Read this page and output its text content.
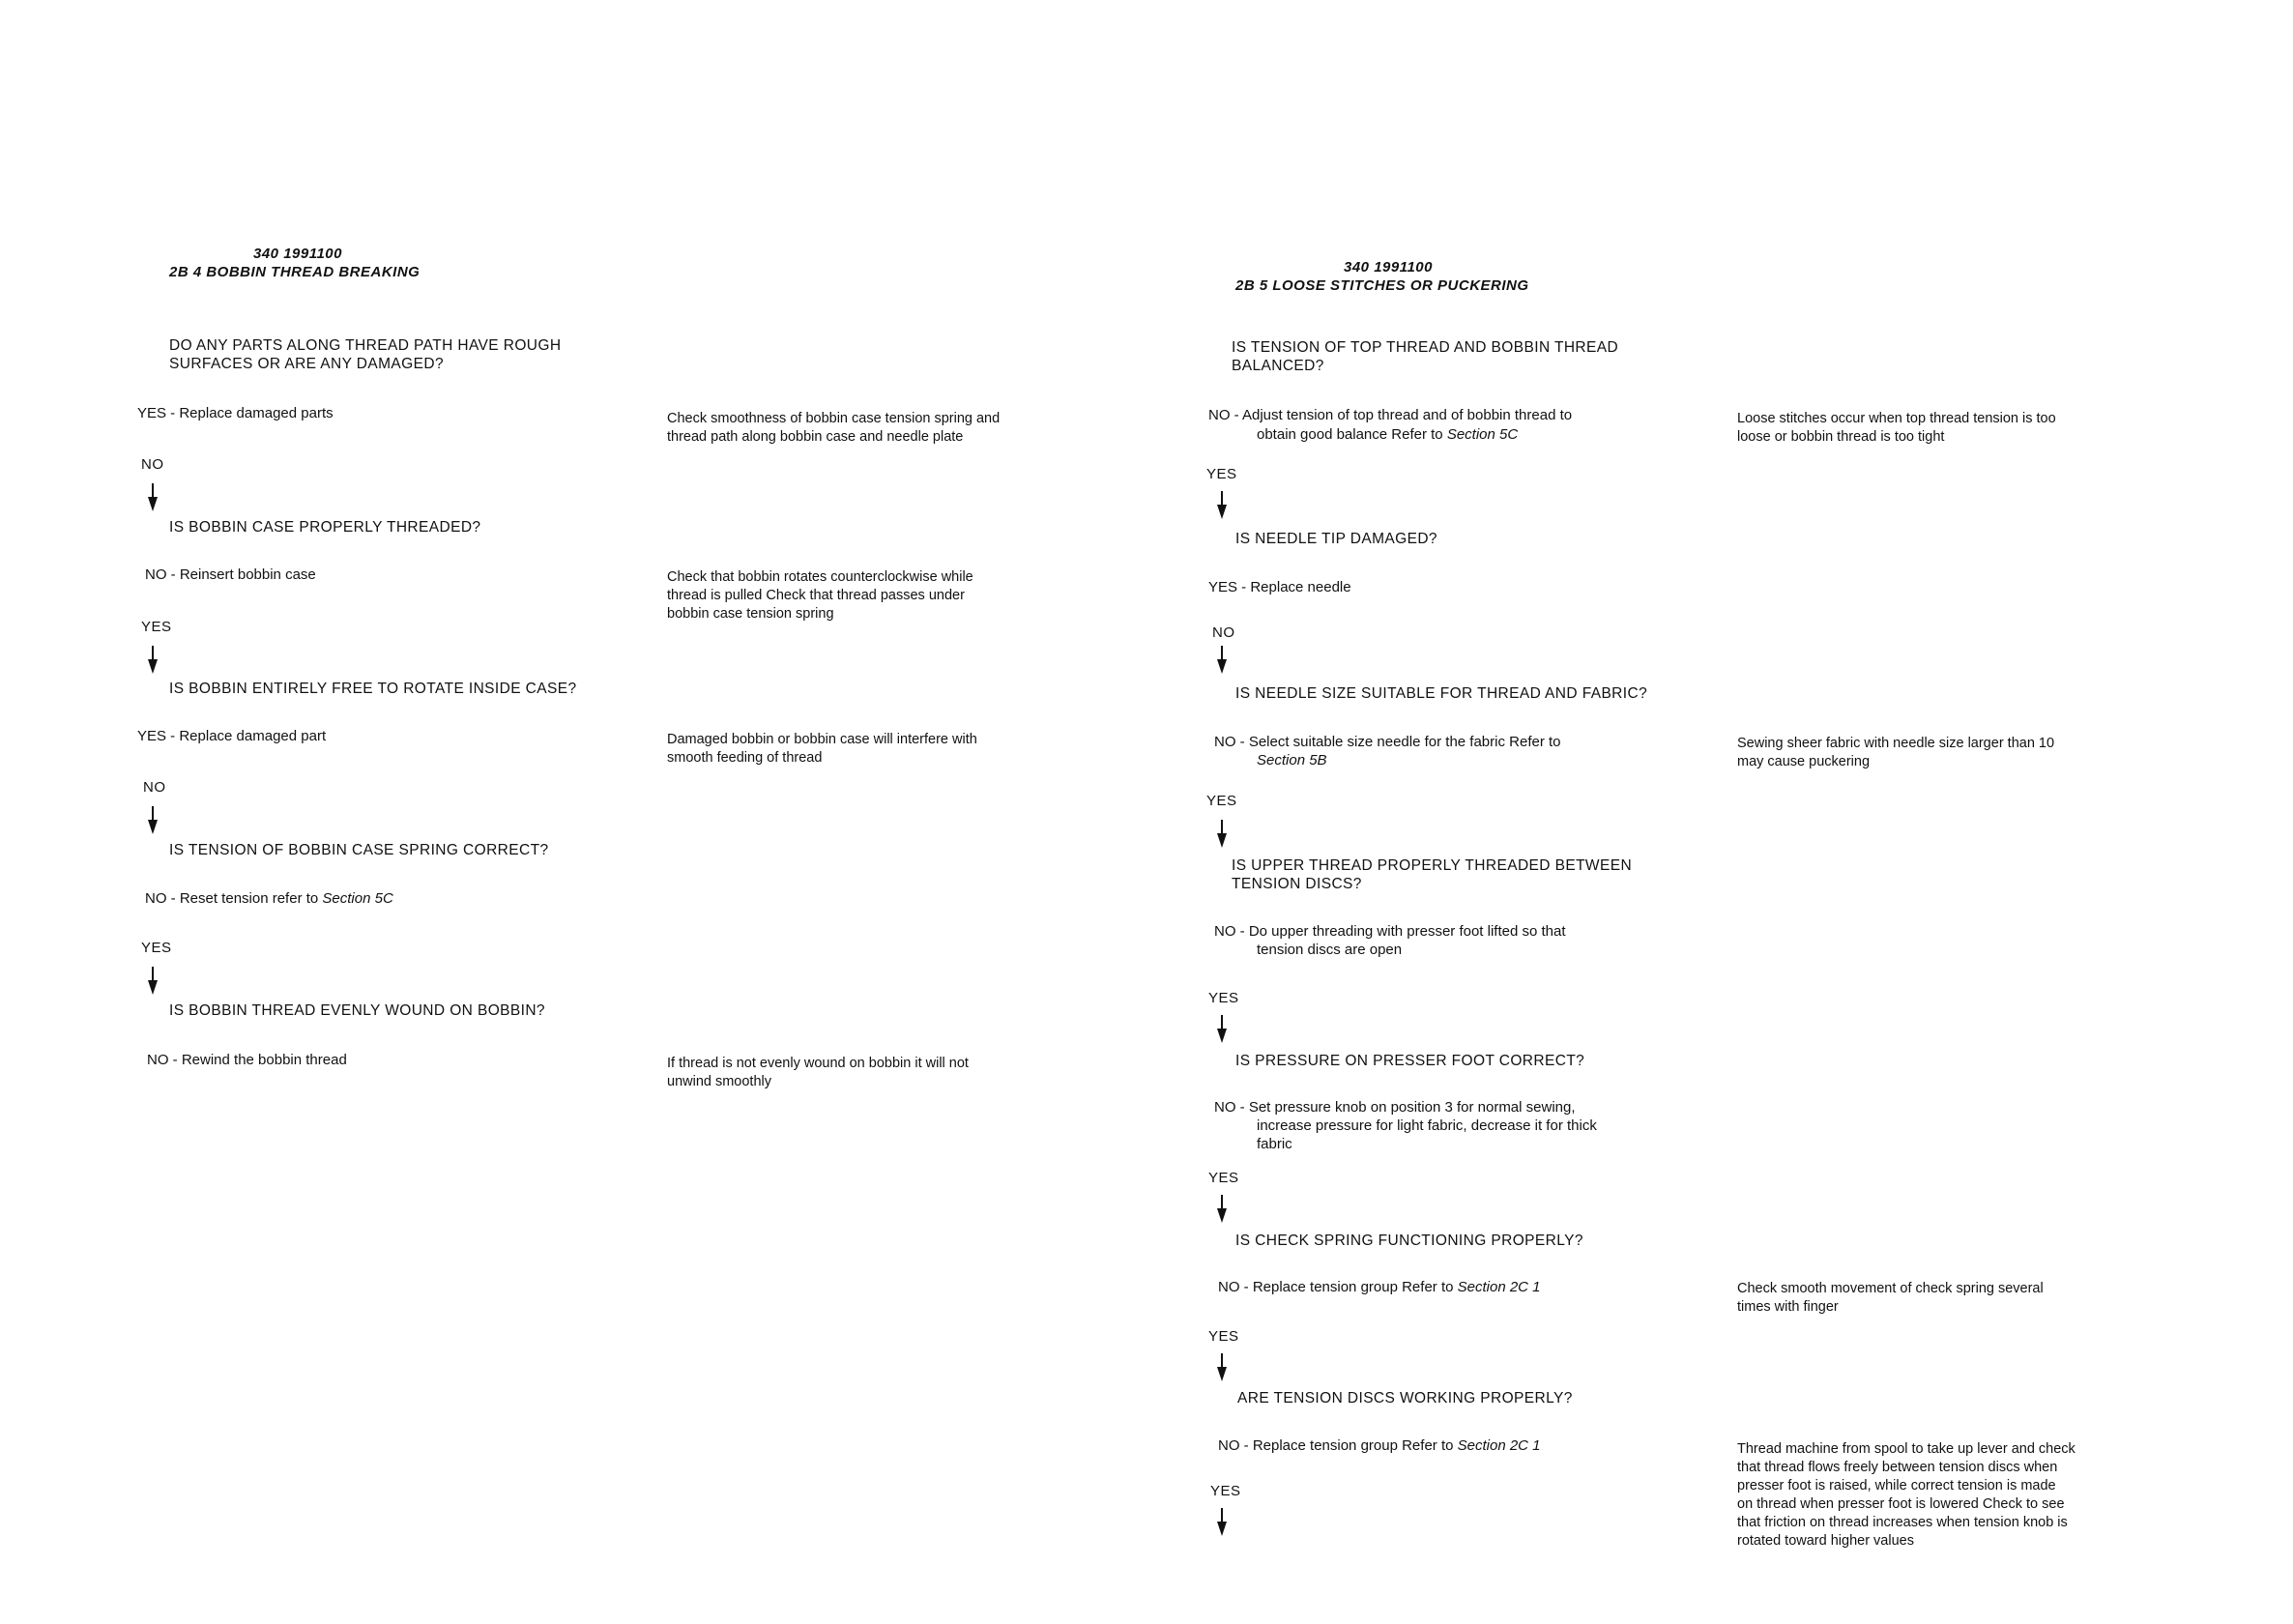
340 1991100
2B 4 BOBBIN THREAD BREAKING
DO ANY PARTS ALONG THREAD PATH HAVE ROUGH
SURFACES OR ARE ANY DAMAGED?
YES - Replace damaged parts	Check smoothness of bobbin case tension spring and
thread path along bobbin case and needle plate
NO
IS BOBBIN CASE PROPERLY THREADED?
NO - Reinsert bobbin case	Check that bobbin rotates counterclockwise while
thread is pulled Check that thread passes under
bobbin case tension spring
YES
IS BOBBIN ENTIRELY FREE TO ROTATE INSIDE CASE?
YES - Replace damaged part	Damaged bobbin or bobbin case will interfere with
smooth feeding of thread
NO
IS TENSION OF BOBBIN CASE SPRING CORRECT?
NO - Reset tension refer to Section 5C
YES
IS BOBBIN THREAD EVENLY WOUND ON BOBBIN?
NO - Rewind the bobbin thread	If thread is not evenly wound on bobbin it will not
unwind smoothly
340 1991100
2B 5 LOOSE STITCHES OR PUCKERING
IS TENSION OF TOP THREAD AND BOBBIN THREAD
BALANCED?
NO - Adjust tension of top thread and of bobbin thread to
obtain good balance Refer to Section 5C
Loose stitches occur when top thread tension is too
loose or bobbin thread is too tight
YES
IS NEEDLE TIP DAMAGED?
YES - Replace needle
NO
IS NEEDLE SIZE SUITABLE FOR THREAD AND FABRIC?
NO - Select suitable size needle for the fabric Refer to
Section 5B
Sewing sheer fabric with needle size larger than 10
may cause puckering
YES
IS UPPER THREAD PROPERLY THREADED BETWEEN
TENSION DISCS?
NO - Do upper threading with presser foot lifted so that
tension discs are open
YES
IS PRESSURE ON PRESSER FOOT CORRECT?
NO - Set pressure knob on position 3 for normal sewing,
increase pressure for light fabric, decrease it for thick
fabric
YES
IS CHECK SPRING FUNCTIONING PROPERLY?
NO - Replace tension group Refer to Section 2C 1	Check smooth movement of check spring several
times with finger
YES
ARE TENSION DISCS WORKING PROPERLY?
NO - Replace tension group Refer to Section 2C 1	Thread machine from spool to take up lever and check
that thread flows freely between tension discs when
presser foot is raised, while correct tension is made
on thread when presser foot is lowered Check to see
that friction on thread increases when tension knob is
rotated toward higher values
YES
